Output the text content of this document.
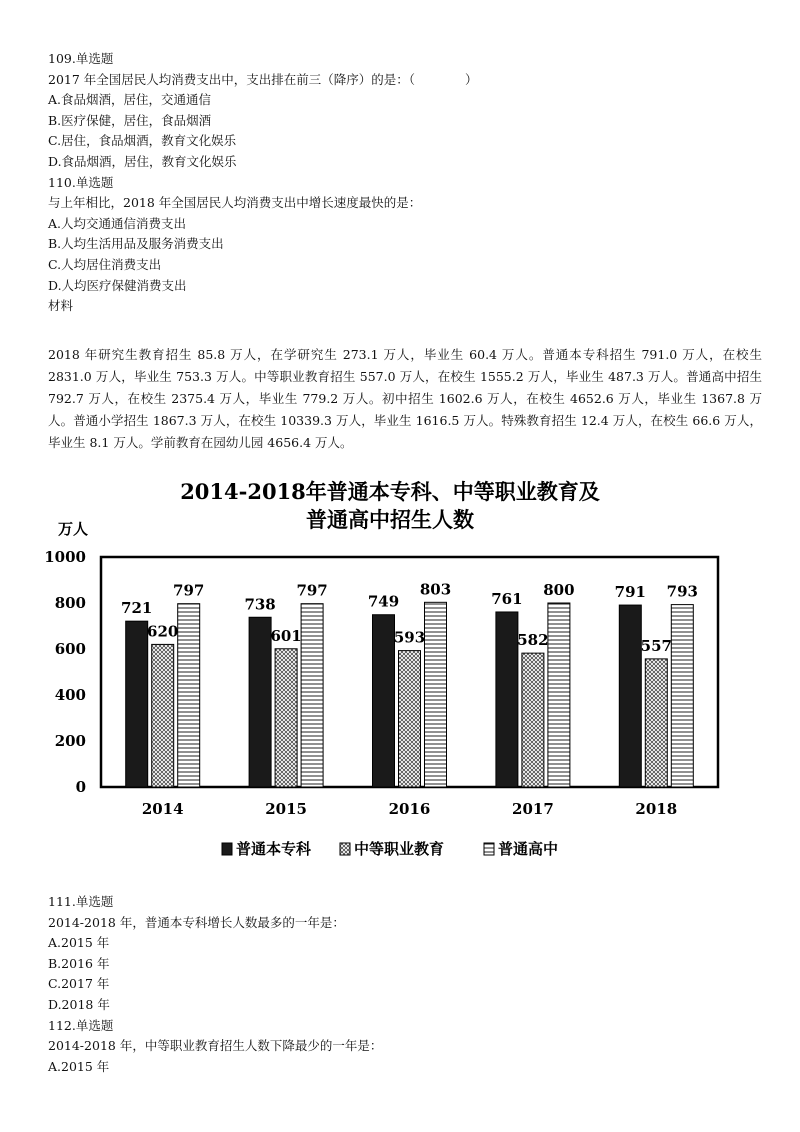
109.单选题
2017 年全国居民人均消费支出中，支出排在前三（降序）的是：（　　　　）
A.食品烟酒，居住，交通通信
B.医疗保健，居住，食品烟酒
C.居住，食品烟酒，教育文化娱乐
D.食品烟酒，居住，教育文化娱乐
110.单选题
与上年相比，2018 年全国居民人均消费支出中增长速度最快的是：
A.人均交通通信消费支出
B.人均生活用品及服务消费支出
C.人均居住消费支出
D.人均医疗保健消费支出
材料
2018 年研究生教育招生 85.8 万人，在学研究生 273.1 万人，毕业生 60.4 万人。普通本专科招生 791.0 万人，在校生 2831.0 万人，毕业生 753.3 万人。中等职业教育招生 557.0 万人，在校生 1555.2 万人，毕业生 487.3 万人。普通高中招生 792.7 万人，在校生 2375.4 万人，毕业生 779.2 万人。初中招生 1602.6 万人，在校生 4652.6 万人，毕业生 1367.8 万人。普通小学招生 1867.3 万人，在校生 10339.3 万人，毕业生 1616.5 万人。特殊教育招生 12.4 万人，在校生 66.6 万人，毕业生 8.1 万人。学前教育在园幼儿园 4656.4 万人。
2014-2018年普通本专科、中等职业教育及
普通高中招生人数
万人
0
200
400
600
800
1000
2014	2015	2016	2017	2018
721
620
797
738
601
797
749
593
803
761
582
800	791
557
793
普通本专科	中等职业教育	普通高中
111.单选题
2014-2018 年，普通本专科增长人数最多的一年是：
A.2015 年
B.2016 年
C.2017 年
D.2018 年
112.单选题
2014-2018 年，中等职业教育招生人数下降最少的一年是：
A.2015 年
